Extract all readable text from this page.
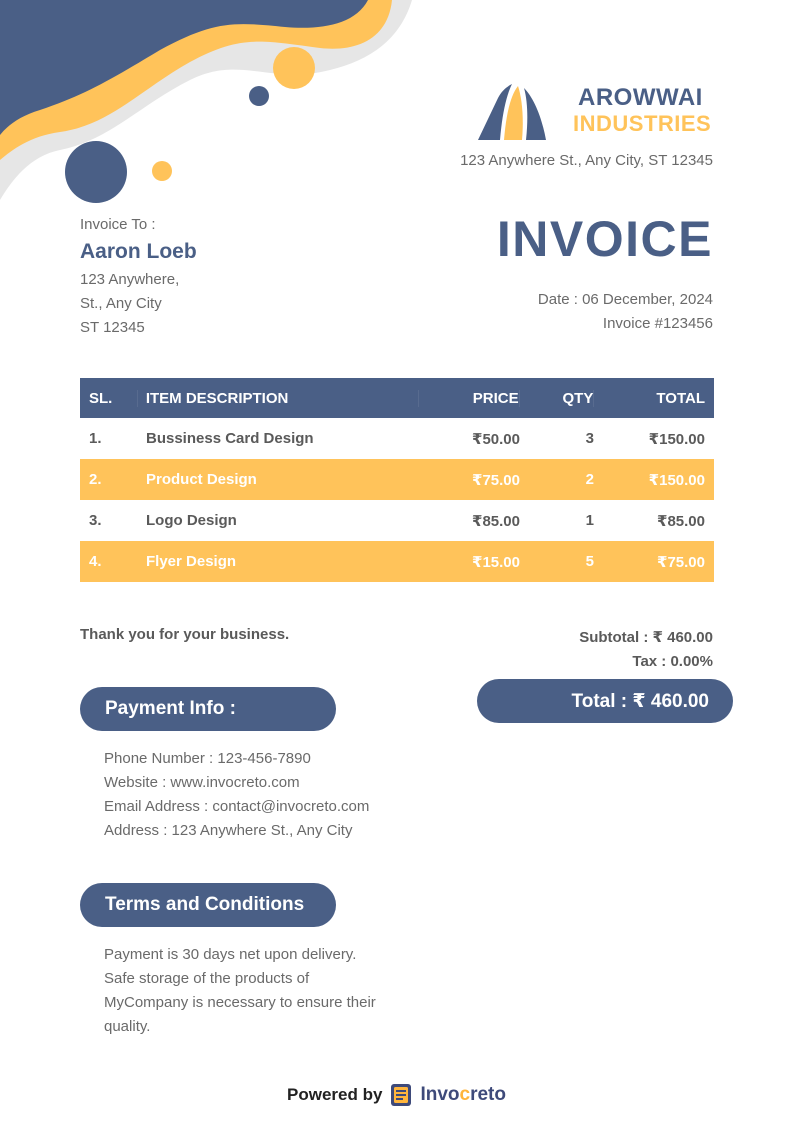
AROWWAI
INDUSTRIES
123 Anywhere St., Any City, ST 12345
Invoice To :
Aaron Loeb
123 Anywhere,
St., Any City
ST 12345
INVOICE
Date : 06 December, 2024
Invoice #123456
SL.	ITEM DESCRIPTION	PRICE	QTY	TOTAL
1.	Bussiness Card Design	₹50.00	3	₹150.00
2.	Product Design	₹75.00	2	₹150.00
3.	Logo Design	₹85.00	1	₹85.00
4.	Flyer Design	₹15.00	5	₹75.00
Thank you for your business.	Subtotal : ₹ 460.00
Tax : 0.00%
Total : ₹ 460.00
Payment Info :
Phone Number : 123-456-7890
Website : www.invocreto.com
Email Address : contact@invocreto.com
Address : 123 Anywhere St., Any City
Terms and Conditions
Payment is 30 days net upon delivery.
Safe storage of the products of
MyCompany is necessary to ensure their
quality.
Powered by Invocreto
